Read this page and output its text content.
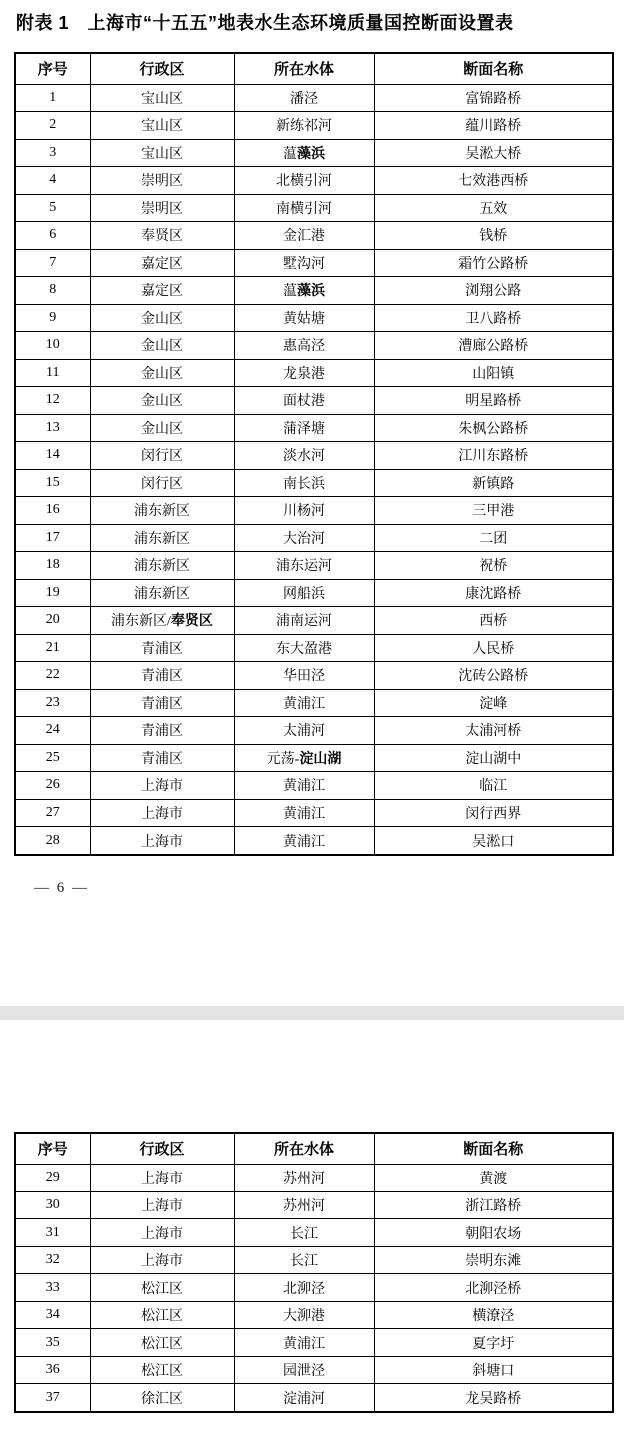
附表 1　上海市“十五五”地表水生态环境质量国控断面设置表
序号	行政区	所在水体	断面名称
1	宝山区	潘泾	富锦路桥
2	宝山区	新练祁河	蕴川路桥
3	宝山区	蕰藻浜	吴淞大桥
4	崇明区	北横引河	七效港西桥
5	崇明区	南横引河	五效
6	奉贤区	金汇港	钱桥
7	嘉定区	墅沟河	霜竹公路桥
8	嘉定区	蕰藻浜	浏翔公路
9	金山区	黄姑塘	卫八路桥
10	金山区	惠高泾	漕廊公路桥
11	金山区	龙泉港	山阳镇
12	金山区	面杖港	明星路桥
13	金山区	蒲泽塘	朱枫公路桥
14	闵行区	淡水河	江川东路桥
15	闵行区	南长浜	新镇路
16	浦东新区	川杨河	三甲港
17	浦东新区	大治河	二团
18	浦东新区	浦东运河	祝桥
19	浦东新区	网船浜	康沈路桥
20	浦东新区/奉贤区	浦南运河	西桥
21	青浦区	东大盈港	人民桥
22	青浦区	华田泾	沈砖公路桥
23	青浦区	黄浦江	淀峰
24	青浦区	太浦河	太浦河桥
25	青浦区	元荡-淀山湖	淀山湖中
26	上海市	黄浦江	临江
27	上海市	黄浦江	闵行西界
28	上海市	黄浦江	吴淞口
— 6 —
序号	行政区	所在水体	断面名称
29	上海市	苏州河	黄渡
30	上海市	苏州河	浙江路桥
31	上海市	长江	朝阳农场
32	上海市	长江	崇明东滩
33	松江区	北泖泾	北泖泾桥
34	松江区	大泖港	横潦泾
35	松江区	黄浦江	夏字圩
36	松江区	园泄泾	斜塘口
37	徐汇区	淀浦河	龙吴路桥
